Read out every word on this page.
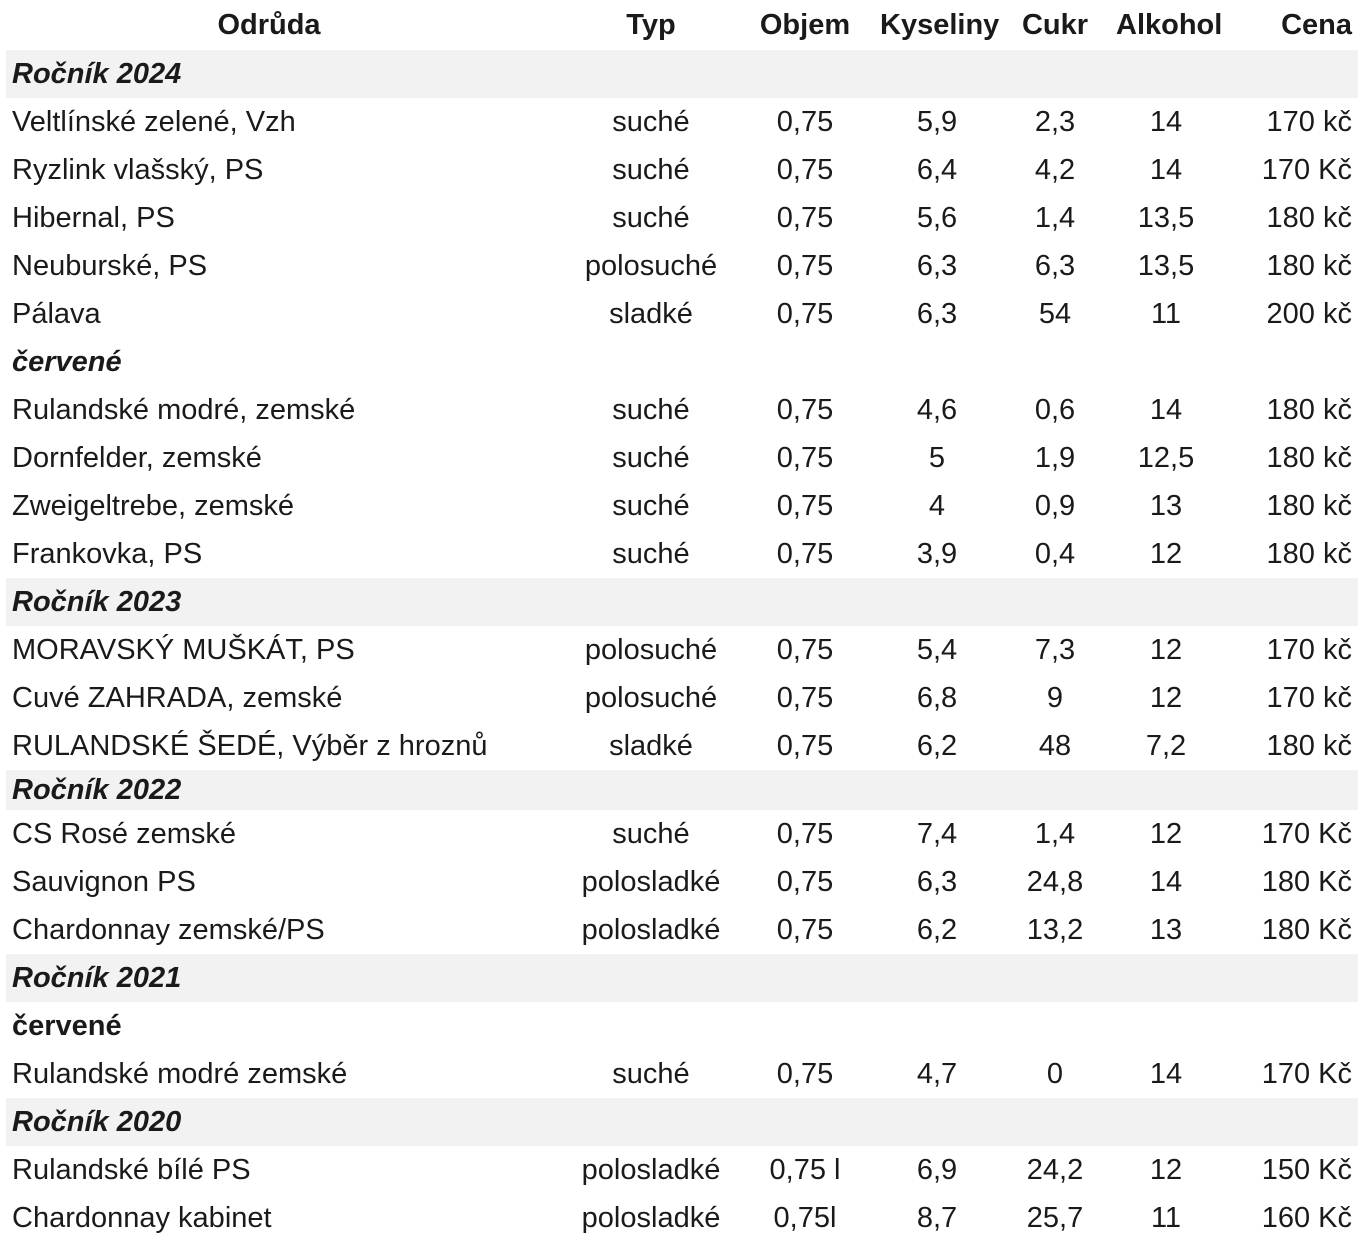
Odrůda	Typ	Objem	Kyseliny	Cukr	Alkohol	Cena
Ročník 2024						
Veltlínské zelené, Vzh	suché	0,75	5,9	2,3	14	170 kč
Ryzlink vlašský, PS	suché	0,75	6,4	4,2	14	170 Kč
Hibernal, PS	suché	0,75	5,6	1,4	13,5	180 kč
Neuburské, PS	polosuché	0,75	6,3	6,3	13,5	180 kč
Pálava	sladké	0,75	6,3	54	11	200 kč
červené						
Rulandské modré, zemské	suché	0,75	4,6	0,6	14	180 kč
Dornfelder, zemské	suché	0,75	5	1,9	12,5	180 kč
Zweigeltrebe, zemské	suché	0,75	4	0,9	13	180 kč
Frankovka, PS	suché	0,75	3,9	0,4	12	180 kč
Ročník 2023						
MORAVSKÝ MUŠKÁT, PS	polosuché	0,75	5,4	7,3	12	170 kč
Cuvé ZAHRADA, zemské	polosuché	0,75	6,8	9	12	170 kč
RULANDSKÉ ŠEDÉ, Výběr z hroznů	sladké	0,75	6,2	48	7,2	180 kč
Ročník 2022						
CS Rosé zemské	suché	0,75	7,4	1,4	12	170 Kč
Sauvignon PS	polosladké	0,75	6,3	24,8	14	180 Kč
Chardonnay zemské/PS	polosladké	0,75	6,2	13,2	13	180 Kč
Ročník 2021						
červené						
Rulandské modré zemské	suché	0,75	4,7	0	14	170 Kč
Ročník 2020						
Rulandské bílé PS	polosladké	0,75 l	6,9	24,2	12	150 Kč
Chardonnay kabinet	polosladké	0,75l	8,7	25,7	11	160 Kč
